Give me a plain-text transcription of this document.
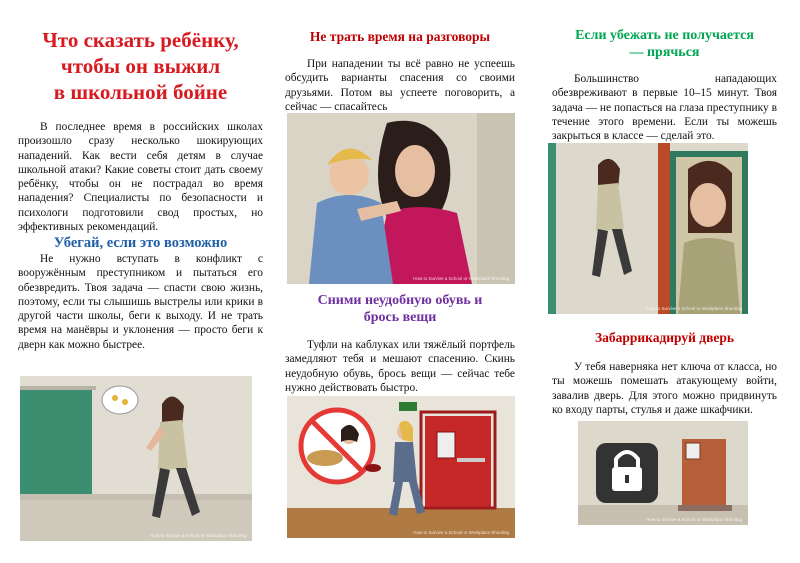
Что сказать ребёнку,

чтобы он выжил

в школьной бойне

В последнее время в российских школах произошло сразу несколько шокирующих нападений. Как вести себя детям в случае школьной атаки? Какие советы стоит дать своему ребёнку, чтобы он не пострадал во время нападения? Специалисты по безопасности и психологи подготовили свод простых, но эффективных рекомендаций.

Убегай, если это возможно

Не нужно вступать в конфликт с вооружённым преступником и пытаться его обезвредить. Твоя задача — спасти свою жизнь, поэтому, если ты слышишь выстрелы или крики в другой части школы, беги к выходу. И не трать время на манёвры и уклонения — просто беги к дверн как можно быстрее.

How to Survive a School or Workplace Shooting

Не трать время на разговоры

При нападении ты всё равно не успеешь обсудить варианты спасения со своими друзьями. Потом вы успеете поговорить, а сейчас — спасайтесь

Сними неудобную обувь и

брось вещи

Туфли на каблуках или тяжёлый портфель замедляют тебя и мешают спасению. Скинь неудобную обувь, брось вещи — сейчас тебе нужно действовать быстро.

How to Survive a School or Workplace Shooting
How to Survive a School or Workplace Shooting

Если убежать не получается

— прячься

Большинство нападающих обезвреживают в первые 10–15 минут. Твоя задача — не попасться на глаза преступнику в течение этого времени. Если ты можешь закрыться в классе — сделай это.

Забаррикадируй дверь

У тебя наверняка нет ключа от класса, но ты можешь помешать атакующему войти, завалив дверь. Для этого можно придвинуть ко входу парты, стулья и даже шкафчики.

How to Survive a School or Workplace Shooting
How to Survive a School or Workplace Shooting
